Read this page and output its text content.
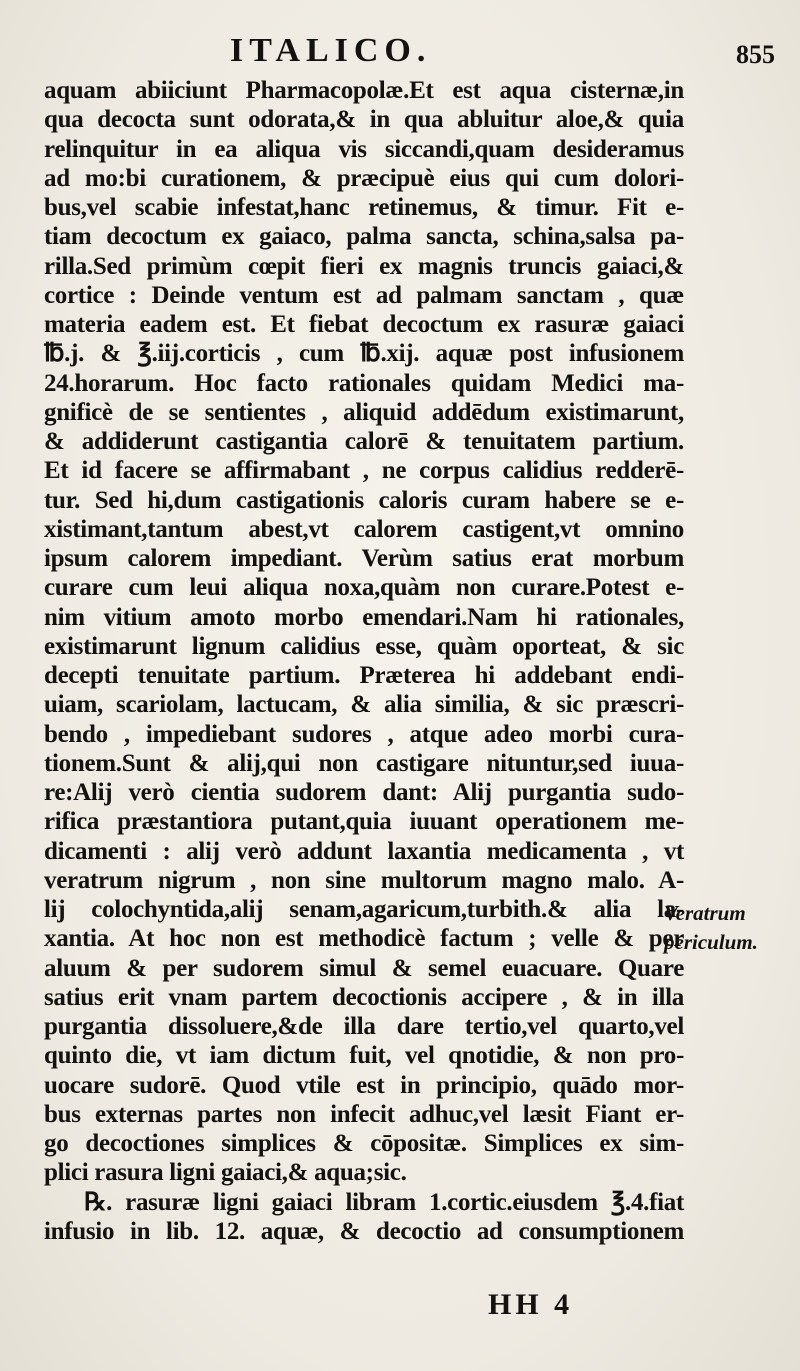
ITALICO.	855
aquam abiiciunt Pharmacopolæ.Et est aqua cisternæ,in
qua decocta sunt odorata,& in qua abluitur aloe,& quia
relinquitur in ea aliqua vis siccandi,quam desideramus
ad mo:bi curationem, & præcipuè eius qui cum dolori-
bus,vel scabie infestat,hanc retinemus, & timur. Fit e-
tiam decoctum ex gaiaco, palma sancta, schina,salsa pa-
rilla.Sed primùm cœpit fieri ex magnis truncis gaiaci,&
cortice : Deinde ventum est ad palmam sanctam , quæ
materia eadem est. Et fiebat decoctum ex rasuræ gaiaci
℔.j. & ℥.iij.corticis , cum ℔.xij. aquæ post infusionem
24.horarum. Hoc facto rationales quidam Medici ma-
gnificè de se sentientes , aliquid addēdum existimarunt,
& addiderunt castigantia calorē & tenuitatem partium.
Et id facere se affirmabant , ne corpus calidius redderē-
tur. Sed hi,dum castigationis caloris curam habere se e-
xistimant,tantum abest,vt calorem castigent,vt omnino
ipsum calorem impediant. Verùm satius erat morbum
curare cum leui aliqua noxa,quàm non curare.Potest e-
nim vitium amoto morbo emendari.Nam hi rationales,
existimarunt lignum calidius esse, quàm oporteat, & sic
decepti tenuitate partium. Præterea hi addebant endi-
uiam, scariolam, lactucam, & alia similia, & sic præscri-
bendo , impediebant sudores , atque adeo morbi cura-
tionem.Sunt & alij,qui non castigare nituntur,sed iuua-
re:Alij verò cientia sudorem dant: Alij purgantia sudo-
rifica præstantiora putant,quia iuuant operationem me-
dicamenti : alij verò addunt laxantia medicamenta , vt
veratrum nigrum , non sine multorum magno malo. A-
lij colochyntida,alij senam,agaricum,turbith.& alia la-
xantia. At hoc non est methodicè factum ; velle & per
aluum & per sudorem simul & semel euacuare. Quare
satius erit vnam partem decoctionis accipere , & in illa
purgantia dissoluere,&de illa dare tertio,vel quarto,vel
quinto die, vt iam dictum fuit, vel qnotidie, & non pro-
uocare sudorē. Quod vtile est in principio, quādo mor-
bus externas partes non infecit adhuc,vel læsit Fiant er-
go decoctiones simplices & cōpositæ. Simplices ex sim-
plici rasura ligni gaiaci,& aqua;sic.
℞. rasuræ ligni gaiaci libram 1.cortic.eiusdem ℥.4.fiat
infusio in lib. 12. aquæ, & decoctio ad consumptionem
Veratrum
periculum.
HH 4
